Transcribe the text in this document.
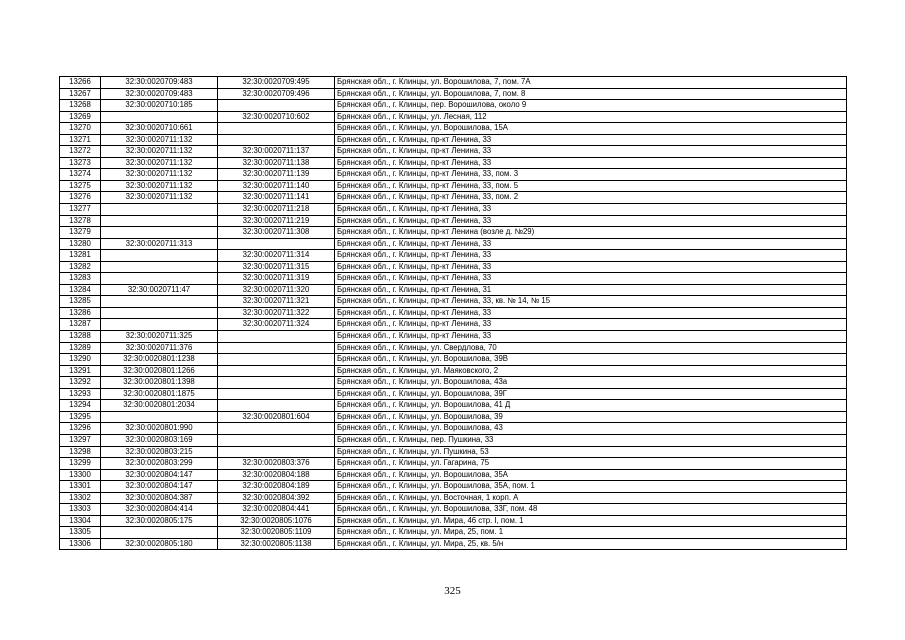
13266	32:30:0020709:483	32:30:0020709:495	Брянская обл., г. Клинцы, ул. Ворошилова, 7, пом. 7А
13267	32:30:0020709:483	32:30:0020709:496	Брянская обл., г. Клинцы, ул. Ворошилова, 7, пом. 8
13268	32:30:0020710:185		Брянская обл., г. Клинцы, пер. Ворошилова, около 9
13269		32:30:0020710:602	Брянская обл., г. Клинцы, ул. Лесная, 112
13270	32:30:0020710:661		Брянская обл., г. Клинцы, ул. Ворошилова, 15А
13271	32:30:0020711:132		Брянская обл., г. Клинцы, пр-кт Ленина, 33
13272	32:30:0020711:132	32:30:0020711:137	Брянская обл., г. Клинцы, пр-кт Ленина, 33
13273	32:30:0020711:132	32:30:0020711:138	Брянская обл., г. Клинцы, пр-кт Ленина, 33
13274	32:30:0020711:132	32:30:0020711:139	Брянская обл., г. Клинцы, пр-кт Ленина, 33, пом. 3
13275	32:30:0020711:132	32:30:0020711:140	Брянская обл., г. Клинцы, пр-кт Ленина, 33, пом. 5
13276	32:30:0020711:132	32:30:0020711:141	Брянская обл., г. Клинцы, пр-кт Ленина, 33, пом. 2
13277		32:30:0020711:218	Брянская обл., г. Клинцы, пр-кт Ленина, 33
13278		32:30:0020711:219	Брянская обл., г. Клинцы, пр-кт Ленина, 33
13279		32:30:0020711:308	Брянская обл., г. Клинцы, пр-кт Ленина (возле д. №29)
13280	32:30:0020711:313		Брянская обл., г. Клинцы, пр-кт Ленина, 33
13281		32:30:0020711:314	Брянская обл., г. Клинцы, пр-кт Ленина, 33
13282		32:30:0020711:315	Брянская обл., г. Клинцы, пр-кт Ленина, 33
13283		32:30:0020711:319	Брянская обл., г. Клинцы, пр-кт Ленина, 33
13284	32:30:0020711:47	32:30:0020711:320	Брянская обл., г. Клинцы, пр-кт Ленина, 31
13285		32:30:0020711:321	Брянская обл., г. Клинцы, пр-кт Ленина, 33, кв. № 14, № 15
13286		32:30:0020711:322	Брянская обл., г. Клинцы, пр-кт Ленина, 33
13287		32:30:0020711:324	Брянская обл., г. Клинцы, пр-кт Ленина, 33
13288	32:30:0020711:325		Брянская обл., г. Клинцы, пр-кт Ленина, 33
13289	32:30:0020711:376		Брянская обл., г. Клинцы, ул. Свердлова, 70
13290	32:30:0020801:1238		Брянская обл., г. Клинцы, ул. Ворошилова, 39В
13291	32:30:0020801:1266		Брянская обл., г. Клинцы, ул. Маяковского, 2
13292	32:30:0020801:1398		Брянская обл., г. Клинцы, ул. Ворошилова, 43а
13293	32:30:0020801:1875		Брянская обл., г. Клинцы, ул. Ворошилова, 39Г
13294	32:30:0020801:2034		Брянская обл., г. Клинцы, ул. Ворошилова, 41 Д
13295		32:30:0020801:604	Брянская обл., г. Клинцы, ул. Ворошилова, 39
13296	32:30:0020801:990		Брянская обл., г. Клинцы, ул. Ворошилова, 43
13297	32:30:0020803:169		Брянская обл., г. Клинцы, пер. Пушкина, 33
13298	32:30:0020803:215		Брянская обл., г. Клинцы, ул. Пушкина, 53
13299	32:30:0020803:299	32:30:0020803:376	Брянская обл., г. Клинцы, ул. Гагарина, 75
13300	32:30:0020804:147	32:30:0020804:188	Брянская обл., г. Клинцы, ул. Ворошилова, 35А
13301	32:30:0020804:147	32:30:0020804:189	Брянская обл., г. Клинцы, ул. Ворошилова, 35А, пом. 1
13302	32:30:0020804:387	32:30:0020804:392	Брянская обл., г. Клинцы, ул. Восточная, 1 корп. А
13303	32:30:0020804:414	32:30:0020804:441	Брянская обл., г. Клинцы, ул. Ворошилова, 33Г, пом. 48
13304	32:30:0020805:175	32:30:0020805:1076	Брянская обл., г. Клинцы, ул. Мира, 46 стр. I, пом. 1
13305		32:30:0020805:1109	Брянская обл., г. Клинцы, ул. Мира, 25, пом. 1
13306	32:30:0020805:180	32:30:0020805:1138	Брянская обл., г. Клинцы, ул. Мира, 25, кв. 5/н
325
